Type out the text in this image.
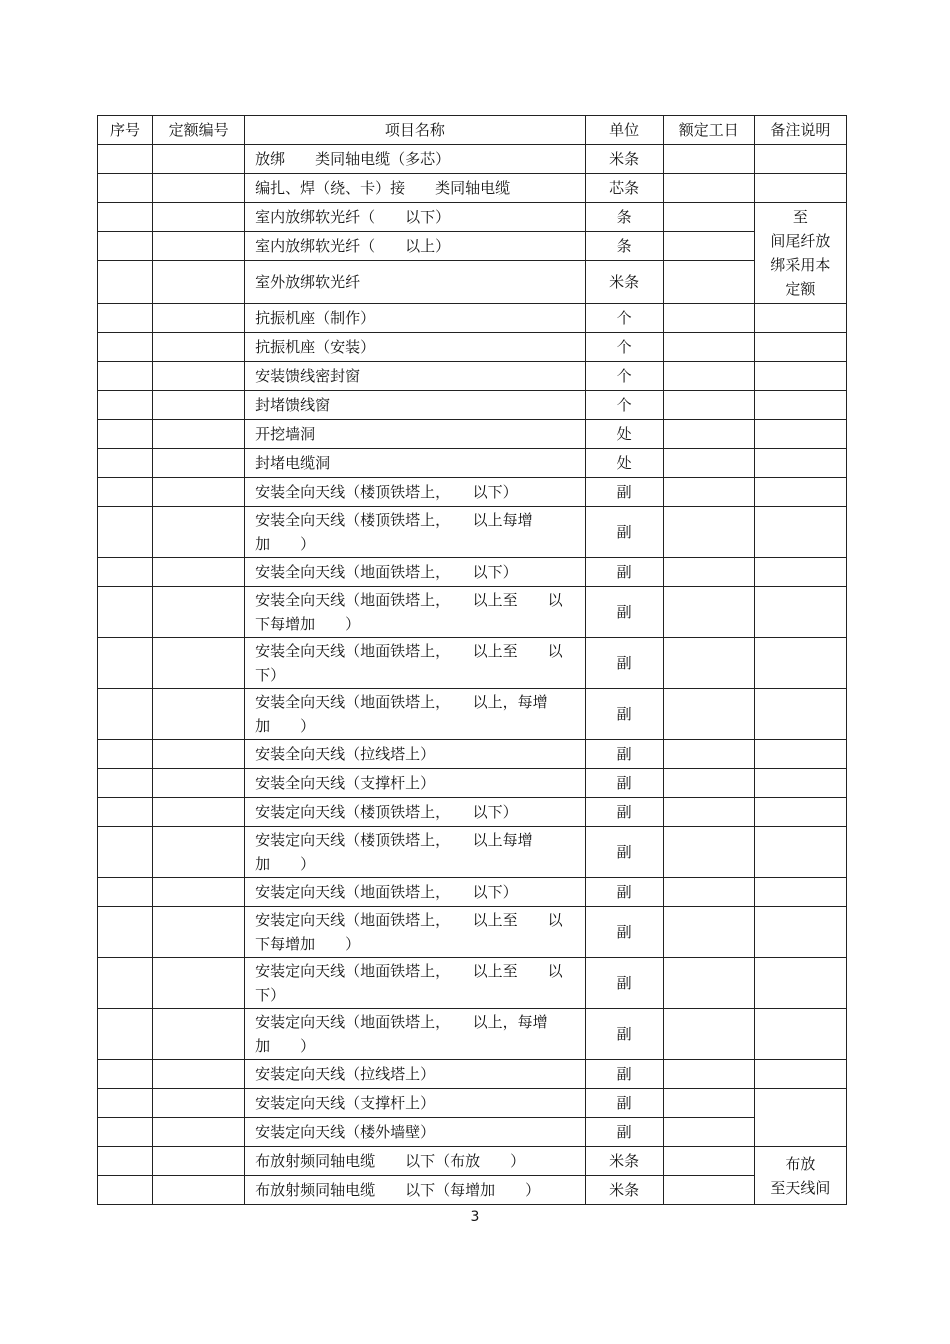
序号	定额编号	项目名称	单位	额定工日	备注说明
		放绑　　类同轴电缆（多芯）	米条		
		编扎、焊（绕、卡）接　　类同轴电缆	芯条		
		室内放绑软光纤（　　以下）	条		至
间尾纤放
绑采用本
定额
		室内放绑软光纤（　　以上）	条		
		室外放绑软光纤	米条		
		抗振机座（制作）	个		
		抗振机座（安装）	个		
		安装馈线密封窗	个		
		封堵馈线窗	个		
		开挖墙洞	处		
		封堵电缆洞	处		
		安装全向天线（楼顶铁塔上，　　以下）	副		
		安装全向天线（楼顶铁塔上，　　以上每增加　　）	副		
		安装全向天线（地面铁塔上，　　以下）	副		
		安装全向天线（地面铁塔上，　　以上至　　以下每增加　　）	副		
		安装全向天线（地面铁塔上，　　以上至　　以下）	副		
		安装全向天线（地面铁塔上，　　以上，每增加　　）	副		
		安装全向天线（拉线塔上）	副		
		安装全向天线（支撑杆上）	副		
		安装定向天线（楼顶铁塔上，　　以下）	副		
		安装定向天线（楼顶铁塔上，　　以上每增加　　）	副		
		安装定向天线（地面铁塔上，　　以下）	副		
		安装定向天线（地面铁塔上，　　以上至　　以下每增加　　）	副		
		安装定向天线（地面铁塔上，　　以上至　　以下）	副		
		安装定向天线（地面铁塔上，　　以上，每增加　　）	副		
		安装定向天线（拉线塔上）	副		
		安装定向天线（支撑杆上）	副		
		安装定向天线（楼外墙壁）	副		
		布放射频同轴电缆　　以下（布放　　）	米条		布放
至天线间
		布放射频同轴电缆　　以下（每增加　　）	米条		
3
